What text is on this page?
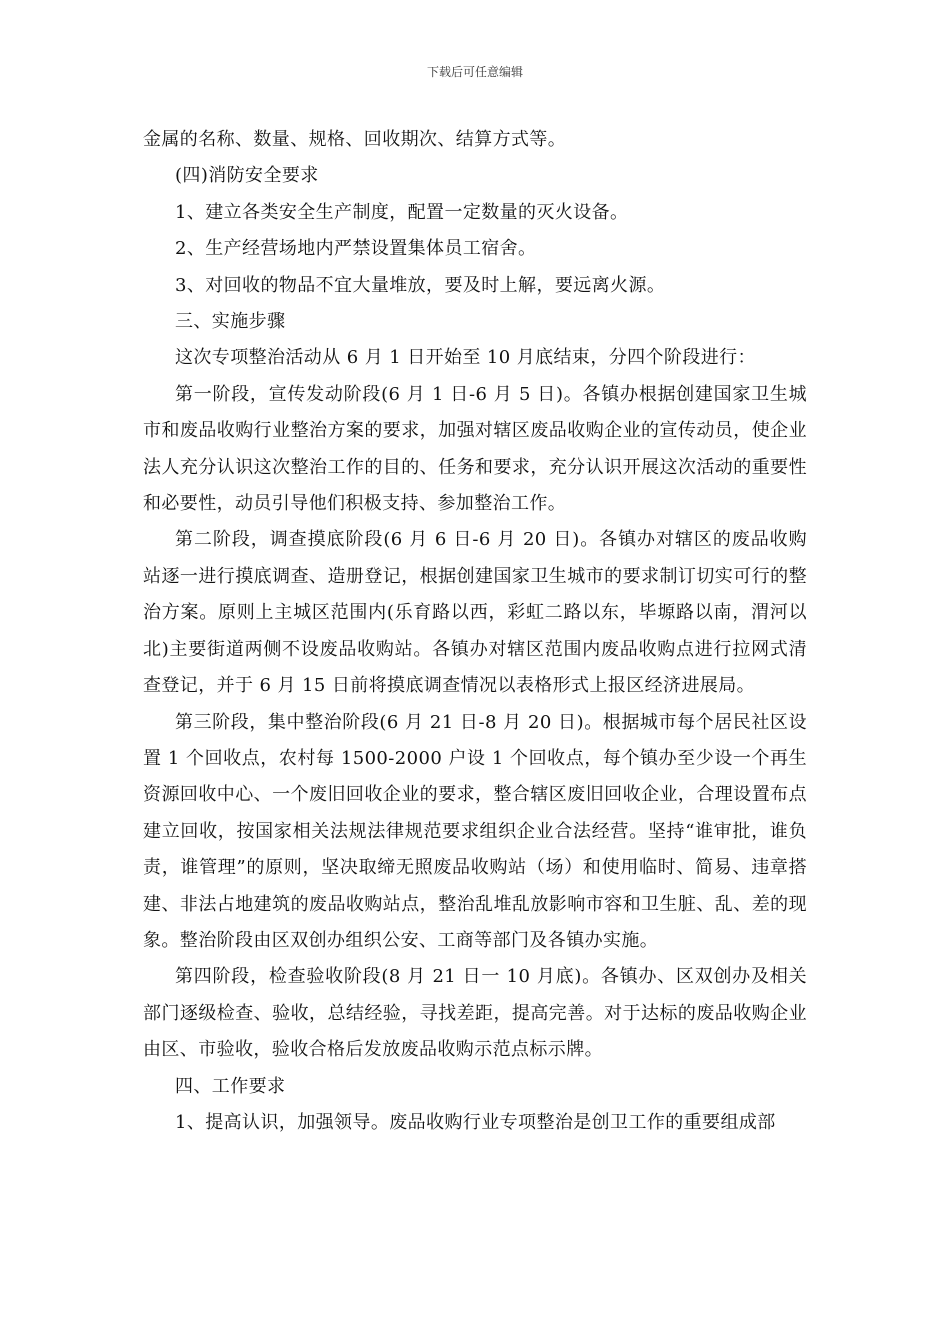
下载后可任意编辑

金属的名称、数量、规格、回收期次、结算方式等。

(四)消防安全要求

1、建立各类安全生产制度，配置一定数量的灭火设备。

2、生产经营场地内严禁设置集体员工宿舍。

3、对回收的物品不宜大量堆放，要及时上解，要远离火源。

三、实施步骤

这次专项整治活动从 6 月 1 日开始至 10 月底结束，分四个阶段进行：

第一阶段，宣传发动阶段(6 月 1 日-6 月 5 日)。各镇办根据创建国家卫生城市和废品收购行业整治方案的要求，加强对辖区废品收购企业的宣传动员，使企业法人充分认识这次整治工作的目的、任务和要求，充分认识开展这次活动的重要性和必要性，动员引导他们积极支持、参加整治工作。

第二阶段，调查摸底阶段(6 月 6 日-6 月 20 日)。各镇办对辖区的废品收购站逐一进行摸底调查、造册登记，根据创建国家卫生城市的要求制订切实可行的整治方案。原则上主城区范围内(乐育路以西，彩虹二路以东，毕塬路以南，渭河以北)主要街道两侧不设废品收购站。各镇办对辖区范围内废品收购点进行拉网式清查登记，并于 6 月 15 日前将摸底调查情况以表格形式上报区经济进展局。

第三阶段，集中整治阶段(6 月 21 日-8 月 20 日)。根据城市每个居民社区设置 1 个回收点，农村每 1500-2000 户设 1 个回收点，每个镇办至少设一个再生资源回收中心、一个废旧回收企业的要求，整合辖区废旧回收企业，合理设置布点建立回收，按国家相关法规法律规范要求组织企业合法经营。坚持“谁审批，谁负责，谁管理”的原则，坚决取缔无照废品收购站（场）和使用临时、简易、违章搭建、非法占地建筑的废品收购站点，整治乱堆乱放影响市容和卫生脏、乱、差的现象。整治阶段由区双创办组织公安、工商等部门及各镇办实施。

第四阶段，检查验收阶段(8 月 21 日一 10 月底)。各镇办、区双创办及相关部门逐级检查、验收，总结经验，寻找差距，提高完善。对于达标的废品收购企业由区、市验收，验收合格后发放废品收购示范点标示牌。

四、工作要求

1、提高认识，加强领导。废品收购行业专项整治是创卫工作的重要组成部
